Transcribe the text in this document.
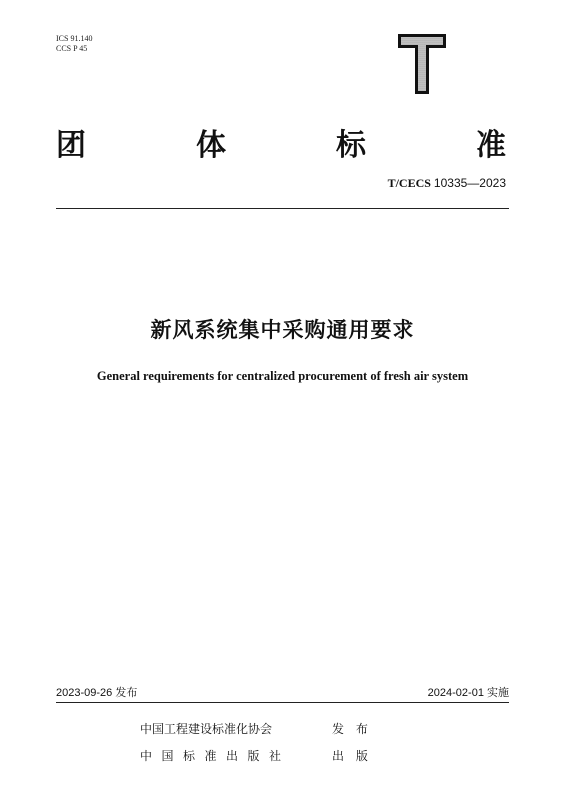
ICS 91.140
CCS P 45
团	体	标	准
T/CECS 10335—2023
新风系统集中采购通用要求
General requirements for centralized procurement of fresh air system
2023-09-26 发布	2024-02-01 实施
中国工程建设标准化协会	发 布
中国标准出版社	出 版
